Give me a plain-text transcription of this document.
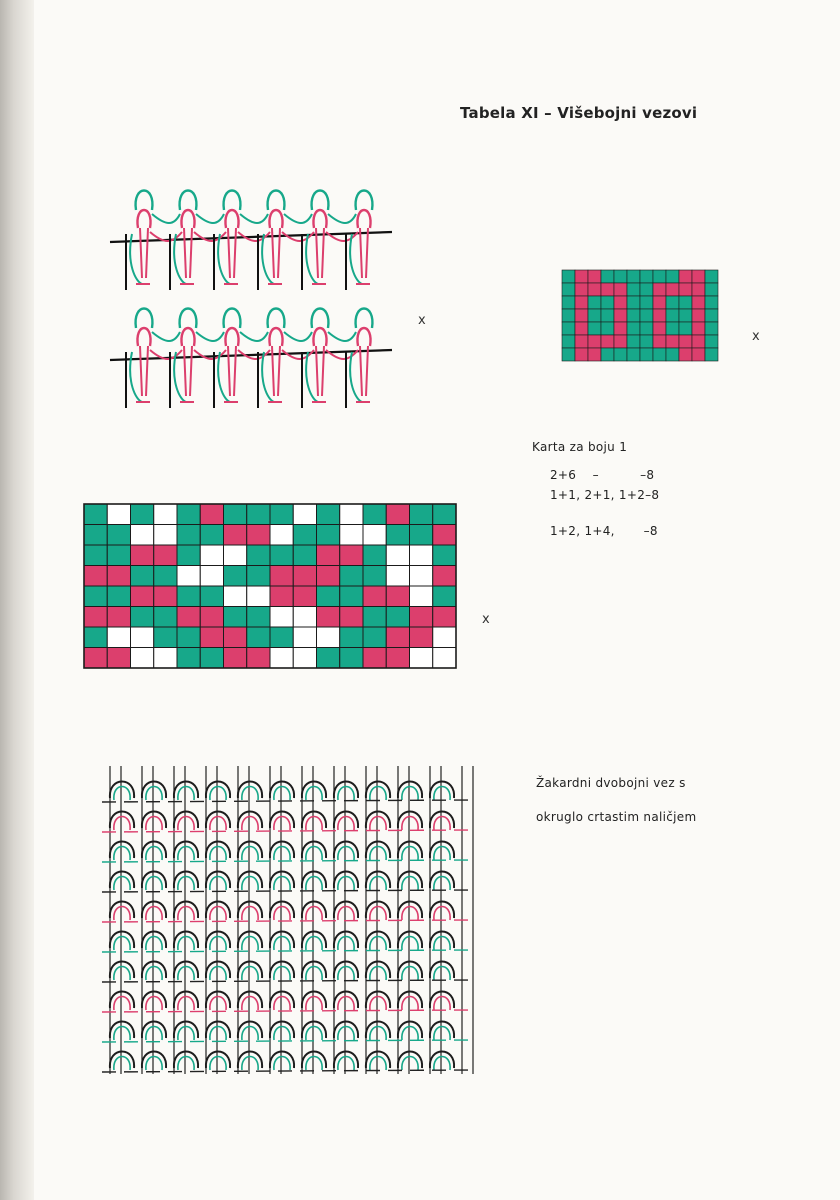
Tabela XI – Višebojni vezovi
x
x
Karta za boju 1
2+6    –          –8
1+1, 2+1, 1+2–8
1+2, 1+4,       –8
x
Žakardni dvobojni vez s
okruglo crtastim naličjem
